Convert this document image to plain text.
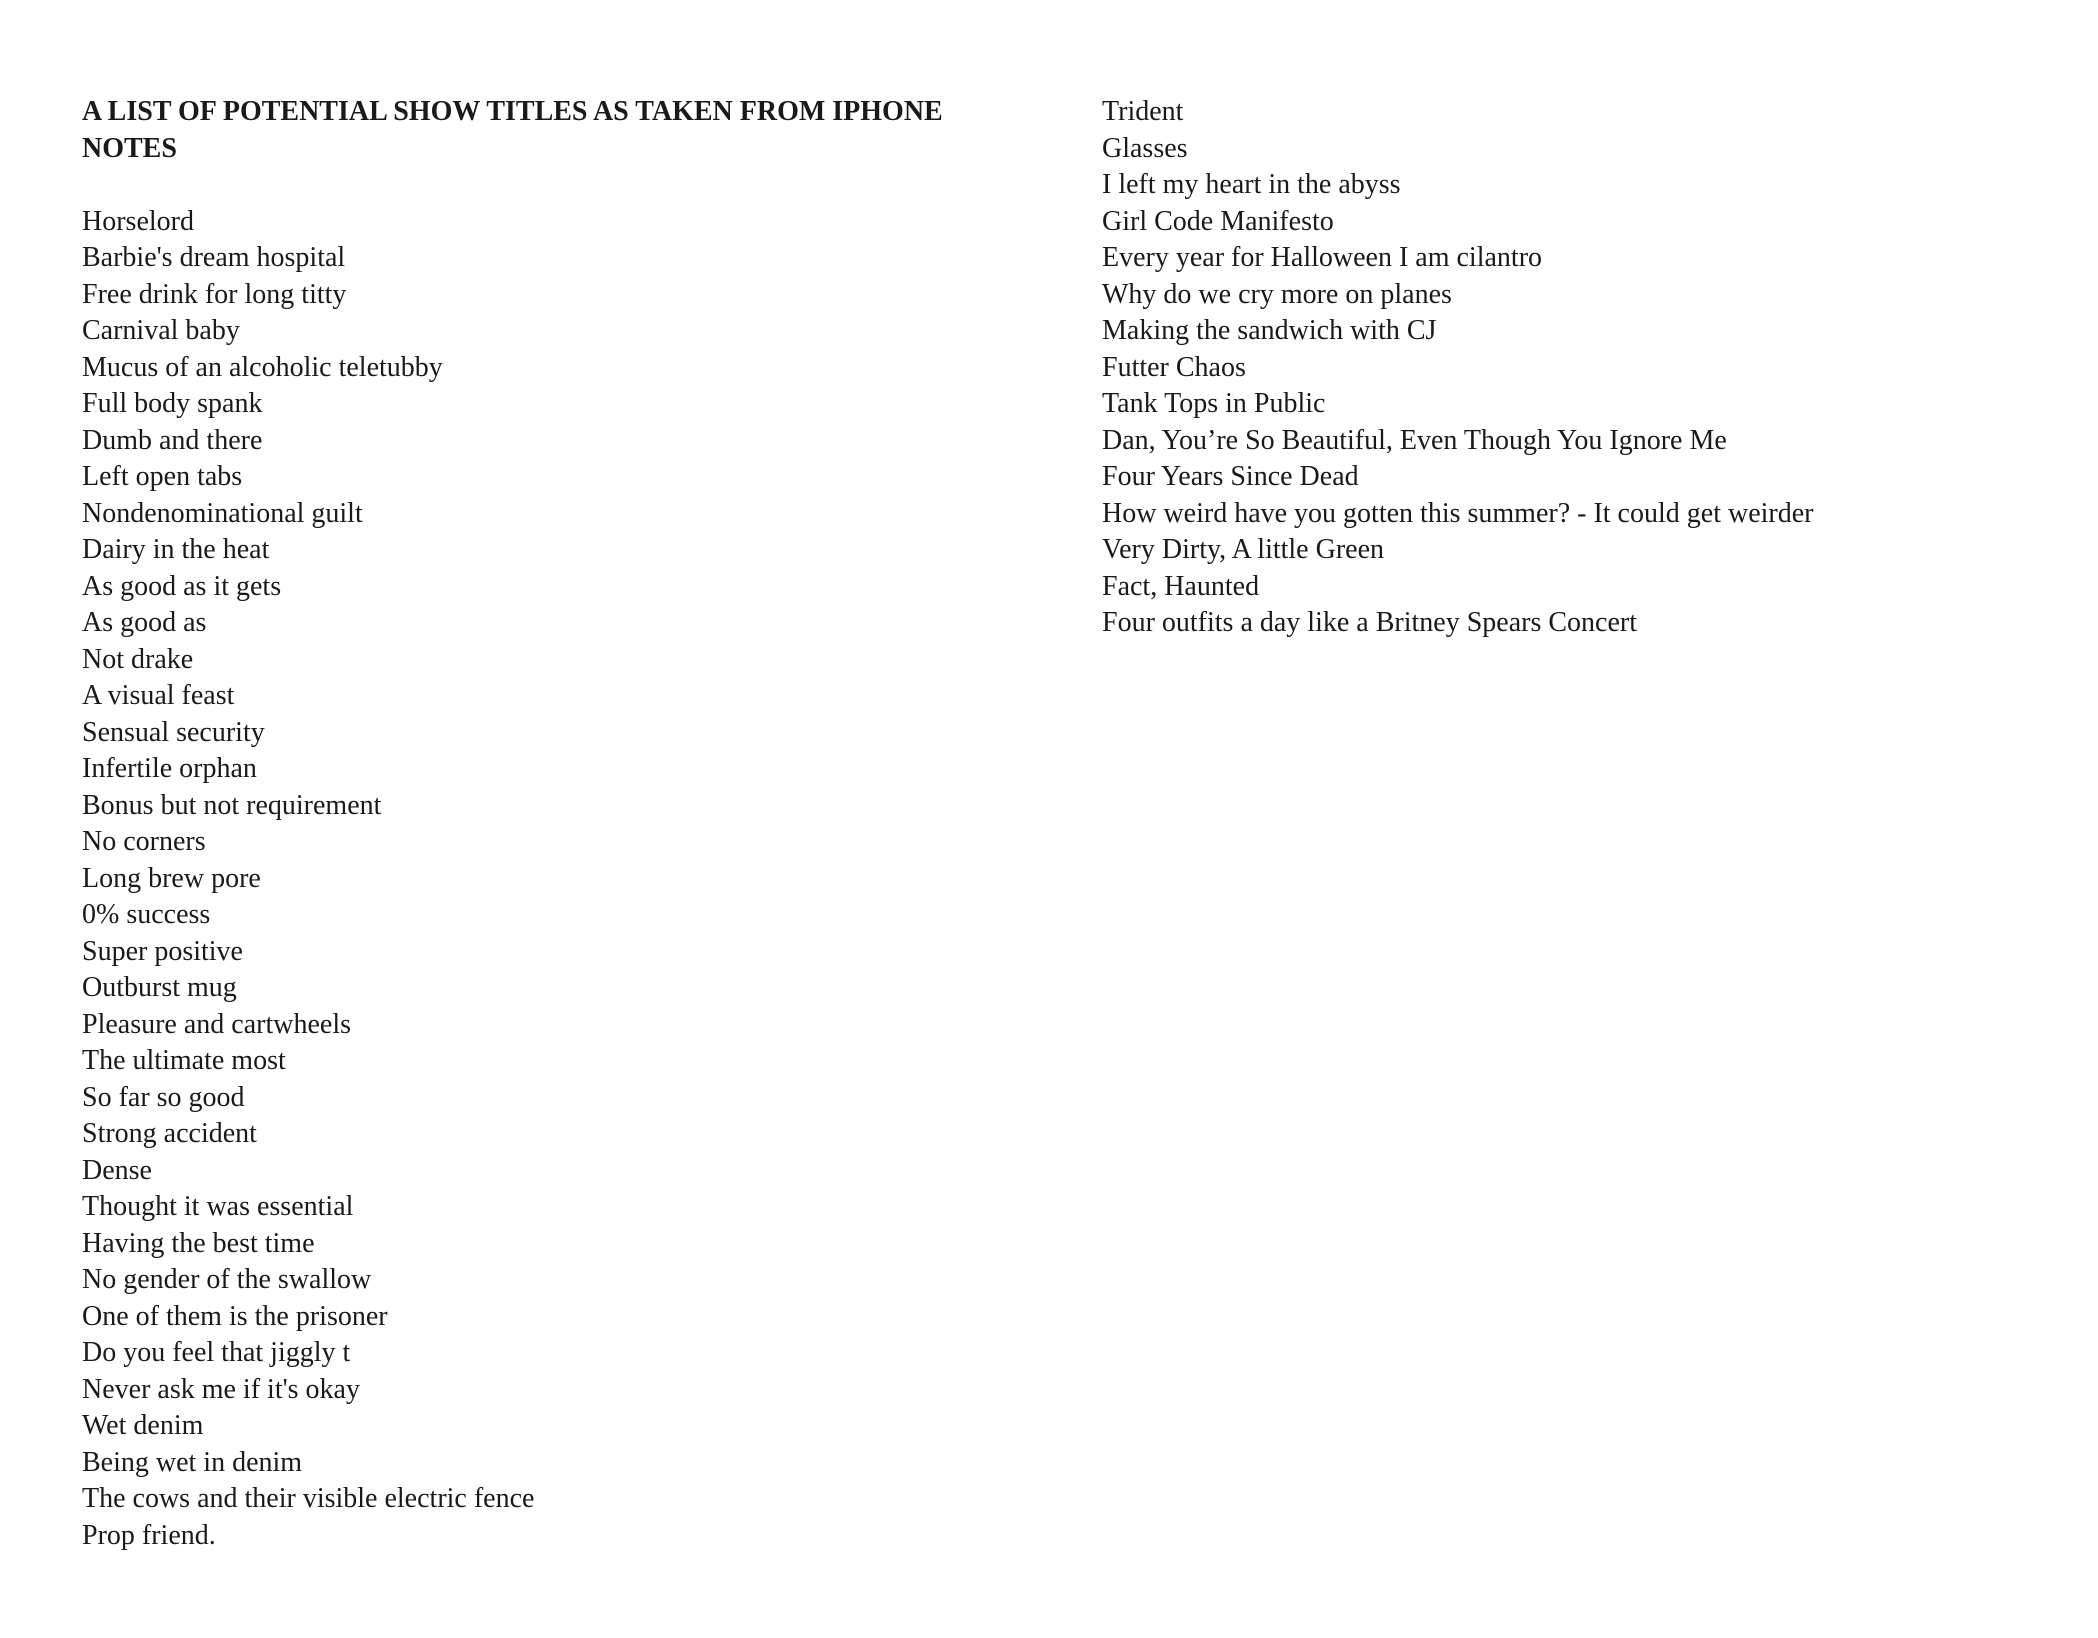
A LIST OF POTENTIAL SHOW TITLES AS TAKEN FROM IPHONE
NOTES
Horselord
Barbie's dream hospital
Free drink for long titty
Carnival baby
Mucus of an alcoholic teletubby
Full body spank
Dumb and there
Left open tabs
Nondenominational guilt
Dairy in the heat
As good as it gets
As good as
Not drake
A visual feast
Sensual security
Infertile orphan
Bonus but not requirement
No corners
Long brew pore
0% success
Super positive
Outburst mug
Pleasure and cartwheels
The ultimate most
So far so good
Strong accident
Dense
Thought it was essential
Having the best time
No gender of the swallow
One of them is the prisoner
Do you feel that jiggly t
Never ask me if it's okay
Wet denim
Being wet in denim
The cows and their visible electric fence
Prop friend.
Trident
Glasses
I left my heart in the abyss
Girl Code Manifesto
Every year for Halloween I am cilantro
Why do we cry more on planes
Making the sandwich with CJ
Futter Chaos
Tank Tops in Public
Dan, You’re So Beautiful, Even Though You Ignore Me
Four Years Since Dead
How weird have you gotten this summer? - It could get weirder
Very Dirty, A little Green
Fact, Haunted
Four outfits a day like a Britney Spears Concert
